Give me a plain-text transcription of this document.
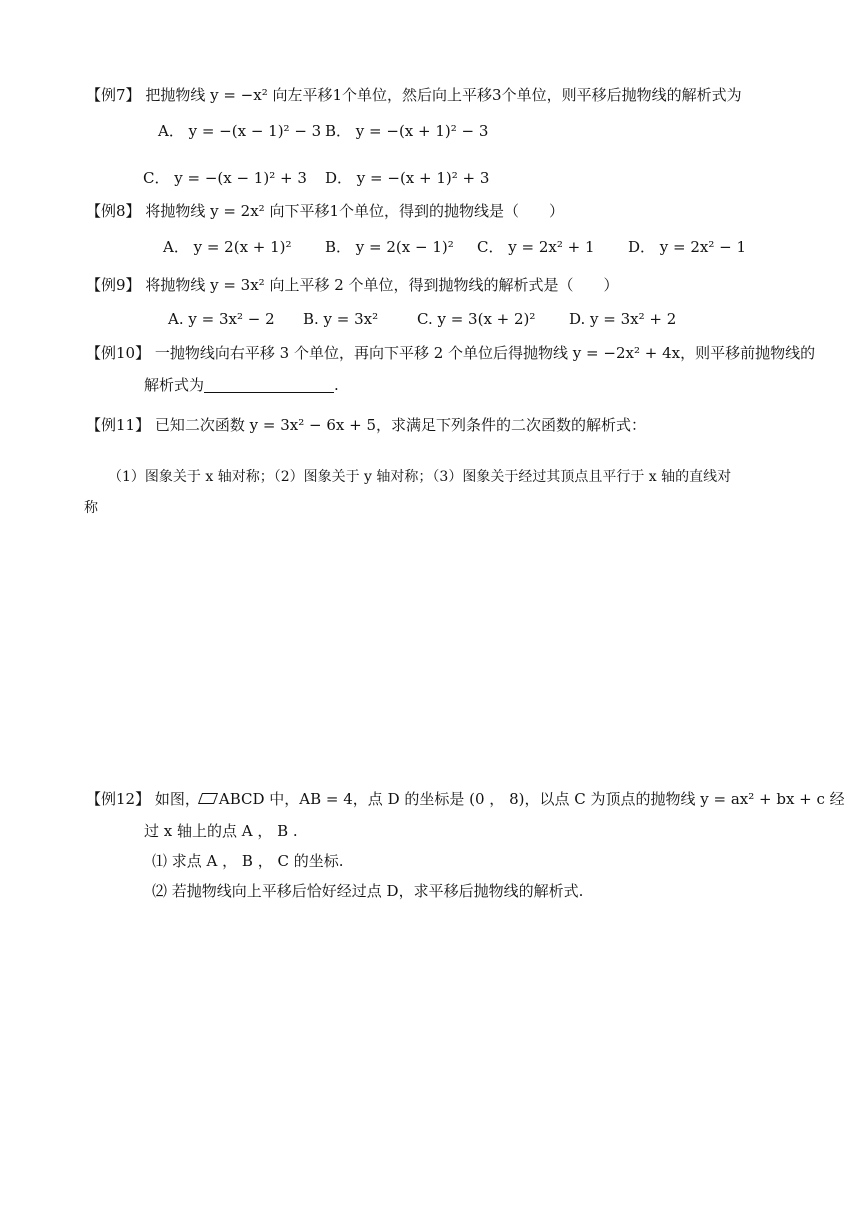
【例7】 把抛物线 y = −x² 向左平移1个单位，然后向上平移3个单位，则平移后抛物线的解析式为
A． y = −(x − 1)² − 3 B． y = −(x + 1)² − 3
C． y = −(x − 1)² + 3 D． y = −(x + 1)² + 3
【例8】 将抛物线 y = 2x² 向下平移1个单位，得到的抛物线是（　　）
A． y = 2(x + 1)² B． y = 2(x − 1)² C． y = 2x² + 1 D． y = 2x² − 1
【例9】 将抛物线 y = 3x² 向上平移 2 个单位，得到抛物线的解析式是（　　）
A. y = 3x² − 2 B. y = 3x²	C. y = 3(x + 2)² D. y = 3x² + 2
【例10】 一抛物线向右平移 3 个单位，再向下平移 2 个单位后得抛物线 y = −2x² + 4x，则平移前抛物线的
解析式为	.
【例11】 已知二次函数 y = 3x² − 6x + 5，求满足下列条件的二次函数的解析式：
（1）图象关于 x 轴对称；（2）图象关于 y 轴对称；（3）图象关于经过其顶点且平行于 x 轴的直线对
称
【例12】 如图， ABCD 中，AB = 4，点 D 的坐标是 (0 ， 8)，以点 C 为顶点的抛物线 y = ax² + bx + c 经
过 x 轴上的点 A ， B .
⑴ 求点 A ， B ， C 的坐标.
⑵ 若抛物线向上平移后恰好经过点 D，求平移后抛物线的解析式.
